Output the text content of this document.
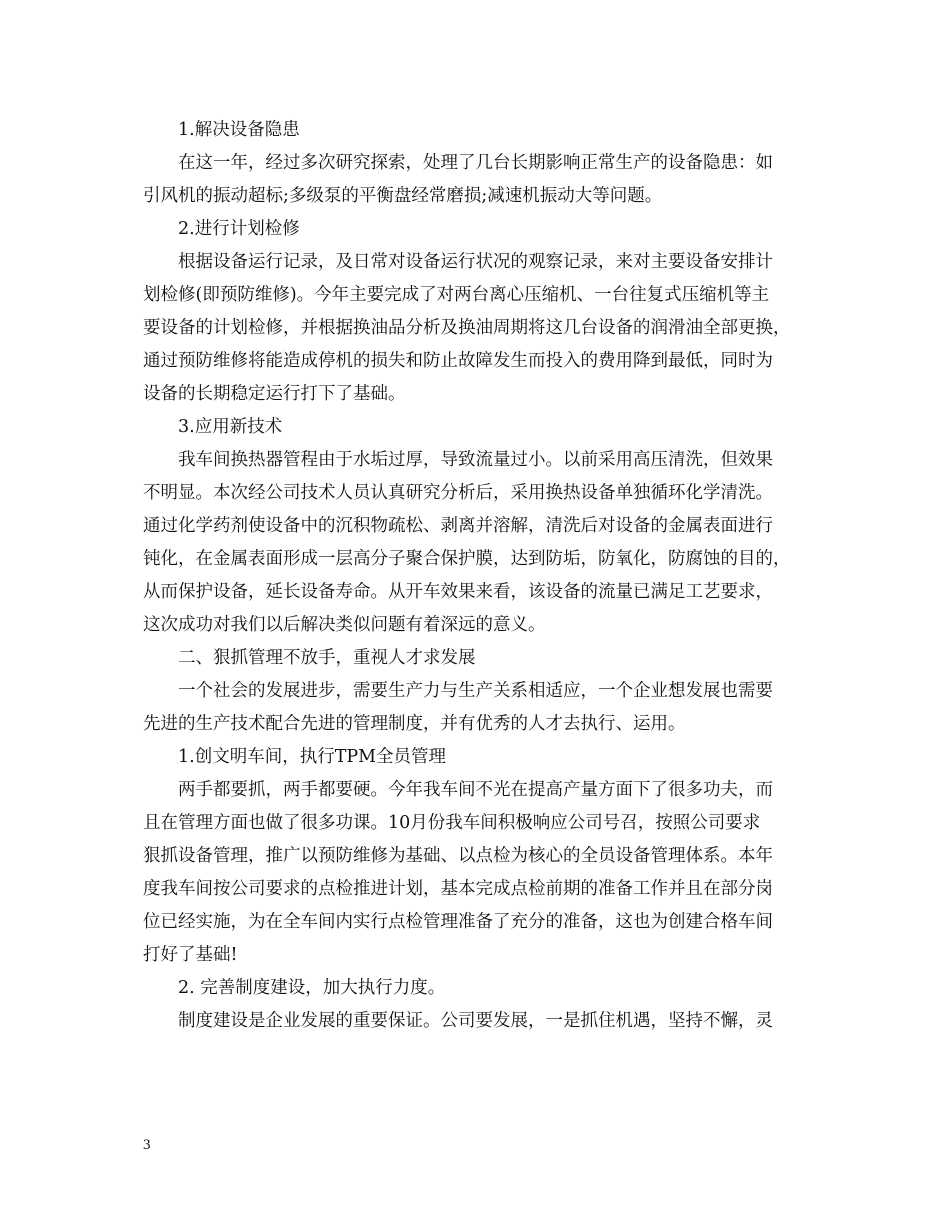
1.解决设备隐患
在这一年，经过多次研究探索，处理了几台长期影响正常生产的设备隐患：如
引风机的振动超标;多级泵的平衡盘经常磨损;减速机振动大等问题。
2.进行计划检修
根据设备运行记录，及日常对设备运行状况的观察记录，来对主要设备安排计
划检修(即预防维修)。今年主要完成了对两台离心压缩机、一台往复式压缩机等主
要设备的计划检修，并根据换油品分析及换油周期将这几台设备的润滑油全部更换，
通过预防维修将能造成停机的损失和防止故障发生而投入的费用降到最低，同时为
设备的长期稳定运行打下了基础。
3.应用新技术
我车间换热器管程由于水垢过厚，导致流量过小。以前采用高压清洗，但效果
不明显。本次经公司技术人员认真研究分析后，采用换热设备单独循环化学清洗。
通过化学药剂使设备中的沉积物疏松、剥离并溶解，清洗后对设备的金属表面进行
钝化，在金属表面形成一层高分子聚合保护膜，达到防垢，防氧化，防腐蚀的目的，
从而保护设备，延长设备寿命。从开车效果来看，该设备的流量已满足工艺要求，
这次成功对我们以后解决类似问题有着深远的意义。
二、狠抓管理不放手，重视人才求发展
一个社会的发展进步，需要生产力与生产关系相适应，一个企业想发展也需要
先进的生产技术配合先进的管理制度，并有优秀的人才去执行、运用。
1.创文明车间，执行TPM全员管理
两手都要抓，两手都要硬。今年我车间不光在提高产量方面下了很多功夫，而
且在管理方面也做了很多功课。10月份我车间积极响应公司号召，按照公司要求
狠抓设备管理，推广以预防维修为基础、以点检为核心的全员设备管理体系。本年
度我车间按公司要求的点检推进计划，基本完成点检前期的准备工作并且在部分岗
位已经实施，为在全车间内实行点检管理准备了充分的准备，这也为创建合格车间
打好了基础!
2. 完善制度建设，加大执行力度。
制度建设是企业发展的重要保证。公司要发展，一是抓住机遇，坚持不懈，灵

3
